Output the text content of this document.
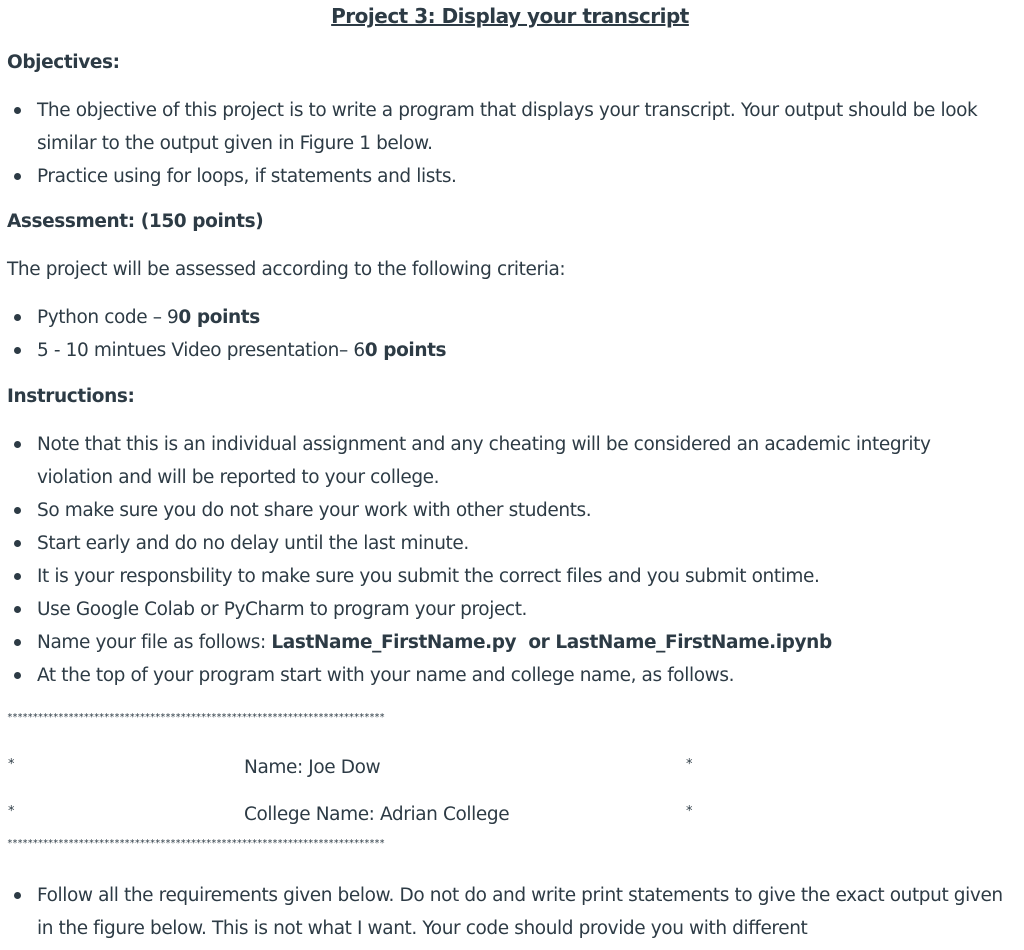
Project 3: Display your transcript
Objectives:
The objective of this project is to write a program that displays your transcript. Your output should be look similar to the output given in Figure 1 below.
Practice using for loops, if statements and lists.
Assessment: (150 points)
The project will be assessed according to the following criteria:
Python code – 90 points
5 - 10 mintues Video presentation– 60 points
Instructions:
Note that this is an individual assignment and any cheating will be considered an academic integrity violation and will be reported to your college.
So make sure you do not share your work with other students.
Start early and do no delay until the last minute.
It is your responsbility to make sure you submit the correct files and you submit ontime.
Use Google Colab or PyCharm to program your project.
Name your file as follows: LastName_FirstName.py  or LastName_FirstName.ipynb
At the top of your program start with your name and college name, as follows.
**************************************************************************
*	Name: Joe Dow	*
*	College Name: Adrian College	*
**************************************************************************
Follow all the requirements given below. Do not do and write print statements to give the exact output given in the figure below. This is not what I want. Your code should provide you with different
